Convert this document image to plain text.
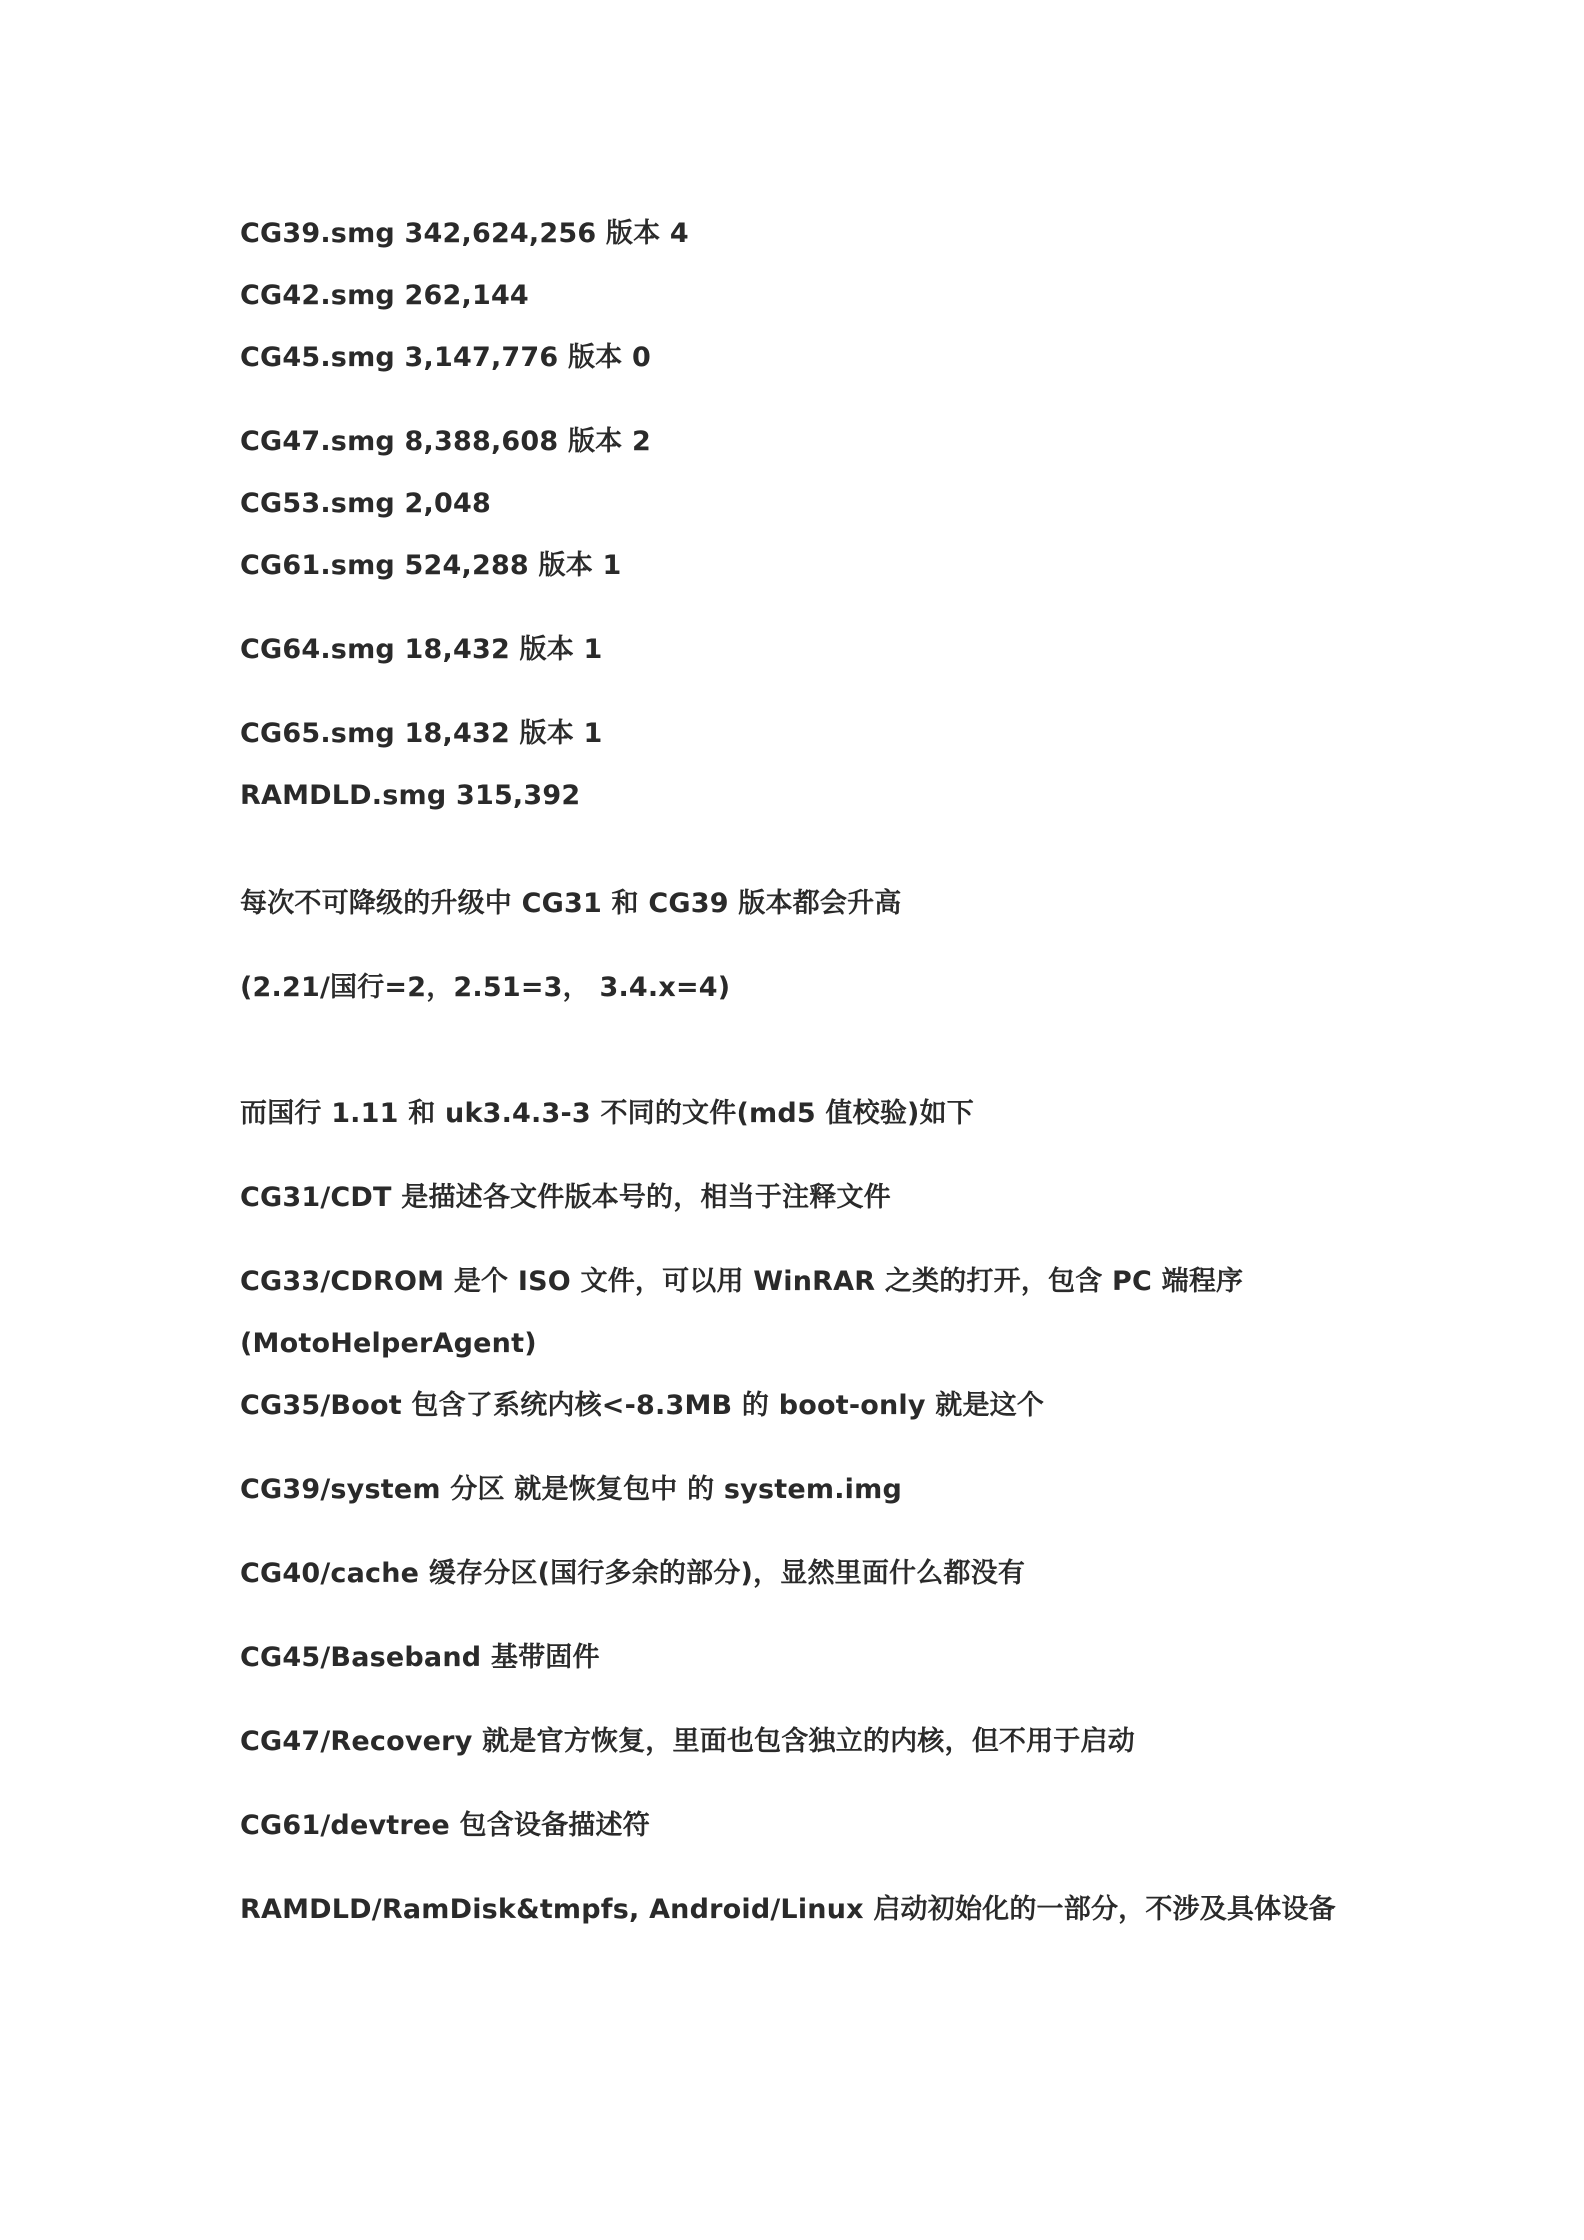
CG39.smg 342,624,256 版本 4

CG42.smg 262,144

CG45.smg 3,147,776 版本 0

CG47.smg 8,388,608 版本 2

CG53.smg 2,048

CG61.smg 524,288 版本 1

CG64.smg 18,432 版本 1

CG65.smg 18,432 版本 1

RAMDLD.smg 315,392

每次不可降级的升级中 CG31 和 CG39 版本都会升高

(2.21/国行=2，2.51=3， 3.4.x=4)

而国行 1.11 和 uk3.4.3-3 不同的文件(md5 值校验)如下

CG31/CDT 是描述各文件版本号的，相当于注释文件

CG33/CDROM 是个 ISO 文件，可以用 WinRAR 之类的打开，包含 PC 端程序

(MotoHelperAgent)

CG35/Boot 包含了系统内核<-8.3MB 的 boot-only 就是这个

CG39/system 分区 就是恢复包中 的 system.img

CG40/cache 缓存分区(国行多余的部分)，显然里面什么都没有

CG45/Baseband 基带固件

CG47/Recovery 就是官方恢复，里面也包含独立的内核，但不用于启动

CG61/devtree 包含设备描述符

RAMDLD/RamDisk&tmpfs, Android/Linux 启动初始化的一部分，不涉及具体设备
